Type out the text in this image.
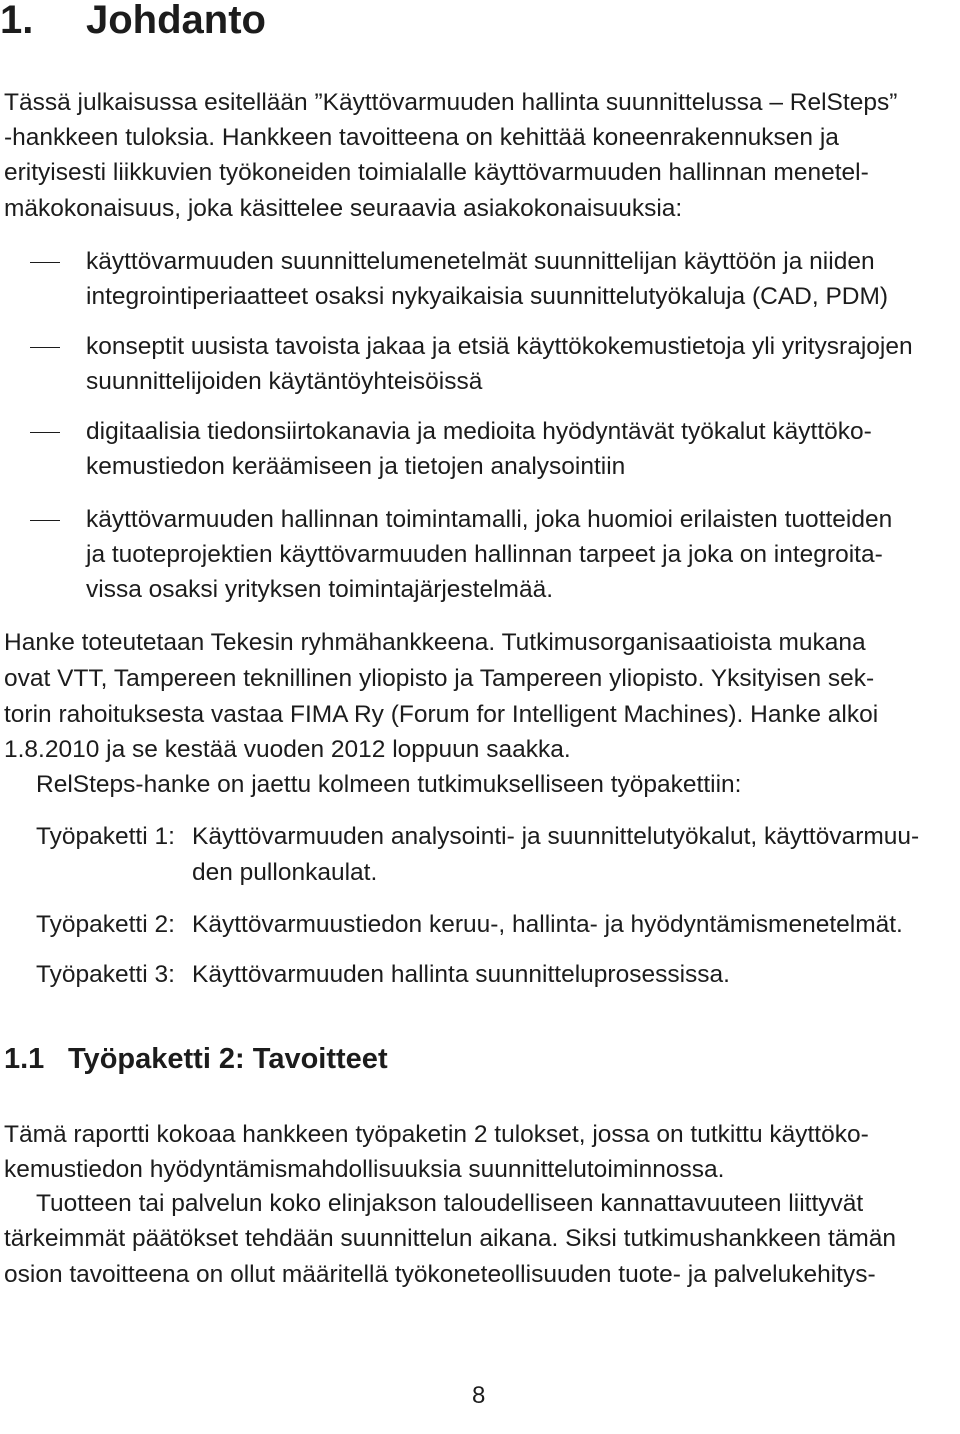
1. Johdanto
Tässä julkaisussa esitellään ”Käyttövarmuuden hallinta suunnittelussa – RelSteps”
-hankkeen tuloksia. Hankkeen tavoitteena on kehittää koneenrakennuksen ja
erityisesti liikkuvien työkoneiden toimialalle käyttövarmuuden hallinnan menetel-
mäkokonaisuus, joka käsittelee seuraavia asiakokonaisuuksia:
käyttövarmuuden suunnittelumenetelmät suunnittelijan käyttöön ja niiden
integrointiperiaatteet osaksi nykyaikaisia suunnittelutyökaluja (CAD, PDM)
konseptit uusista tavoista jakaa ja etsiä käyttökokemustietoja yli yritysrajojen
suunnittelijoiden käytäntöyhteisöissä
digitaalisia tiedonsiirtokanavia ja medioita hyödyntävät työkalut käyttöko-
kemustiedon keräämiseen ja tietojen analysointiin
käyttövarmuuden hallinnan toimintamalli, joka huomioi erilaisten tuotteiden
ja tuoteprojektien käyttövarmuuden hallinnan tarpeet ja joka on integroita-
vissa osaksi yrityksen toimintajärjestelmää.
Hanke toteutetaan Tekesin ryhmähankkeena. Tutkimusorganisaatioista mukana
ovat VTT, Tampereen teknillinen yliopisto ja Tampereen yliopisto. Yksityisen sek-
torin rahoituksesta vastaa FIMA Ry (Forum for Intelligent Machines). Hanke alkoi
1.8.2010 ja se kestää vuoden 2012 loppuun saakka.
RelSteps-hanke on jaettu kolmeen tutkimukselliseen työpakettiin:
Työpaketti 1: Käyttövarmuuden analysointi- ja suunnittelutyökalut, käyttövarmuu-
den pullonkaulat.
Työpaketti 2: Käyttövarmuustiedon keruu-, hallinta- ja hyödyntämismenetelmät.
Työpaketti 3: Käyttövarmuuden hallinta suunnitteluprosessissa.
1.1 Työpaketti 2: Tavoitteet
Tämä raportti kokoaa hankkeen työpaketin 2 tulokset, jossa on tutkittu käyttöko-
kemustiedon hyödyntämismahdollisuuksia suunnittelutoiminnossa.
Tuotteen tai palvelun koko elinjakson taloudelliseen kannattavuuteen liittyvät
tärkeimmät päätökset tehdään suunnittelun aikana. Siksi tutkimushankkeen tämän
osion tavoitteena on ollut määritellä työkoneteollisuuden tuote- ja palvelukehitys-
8
